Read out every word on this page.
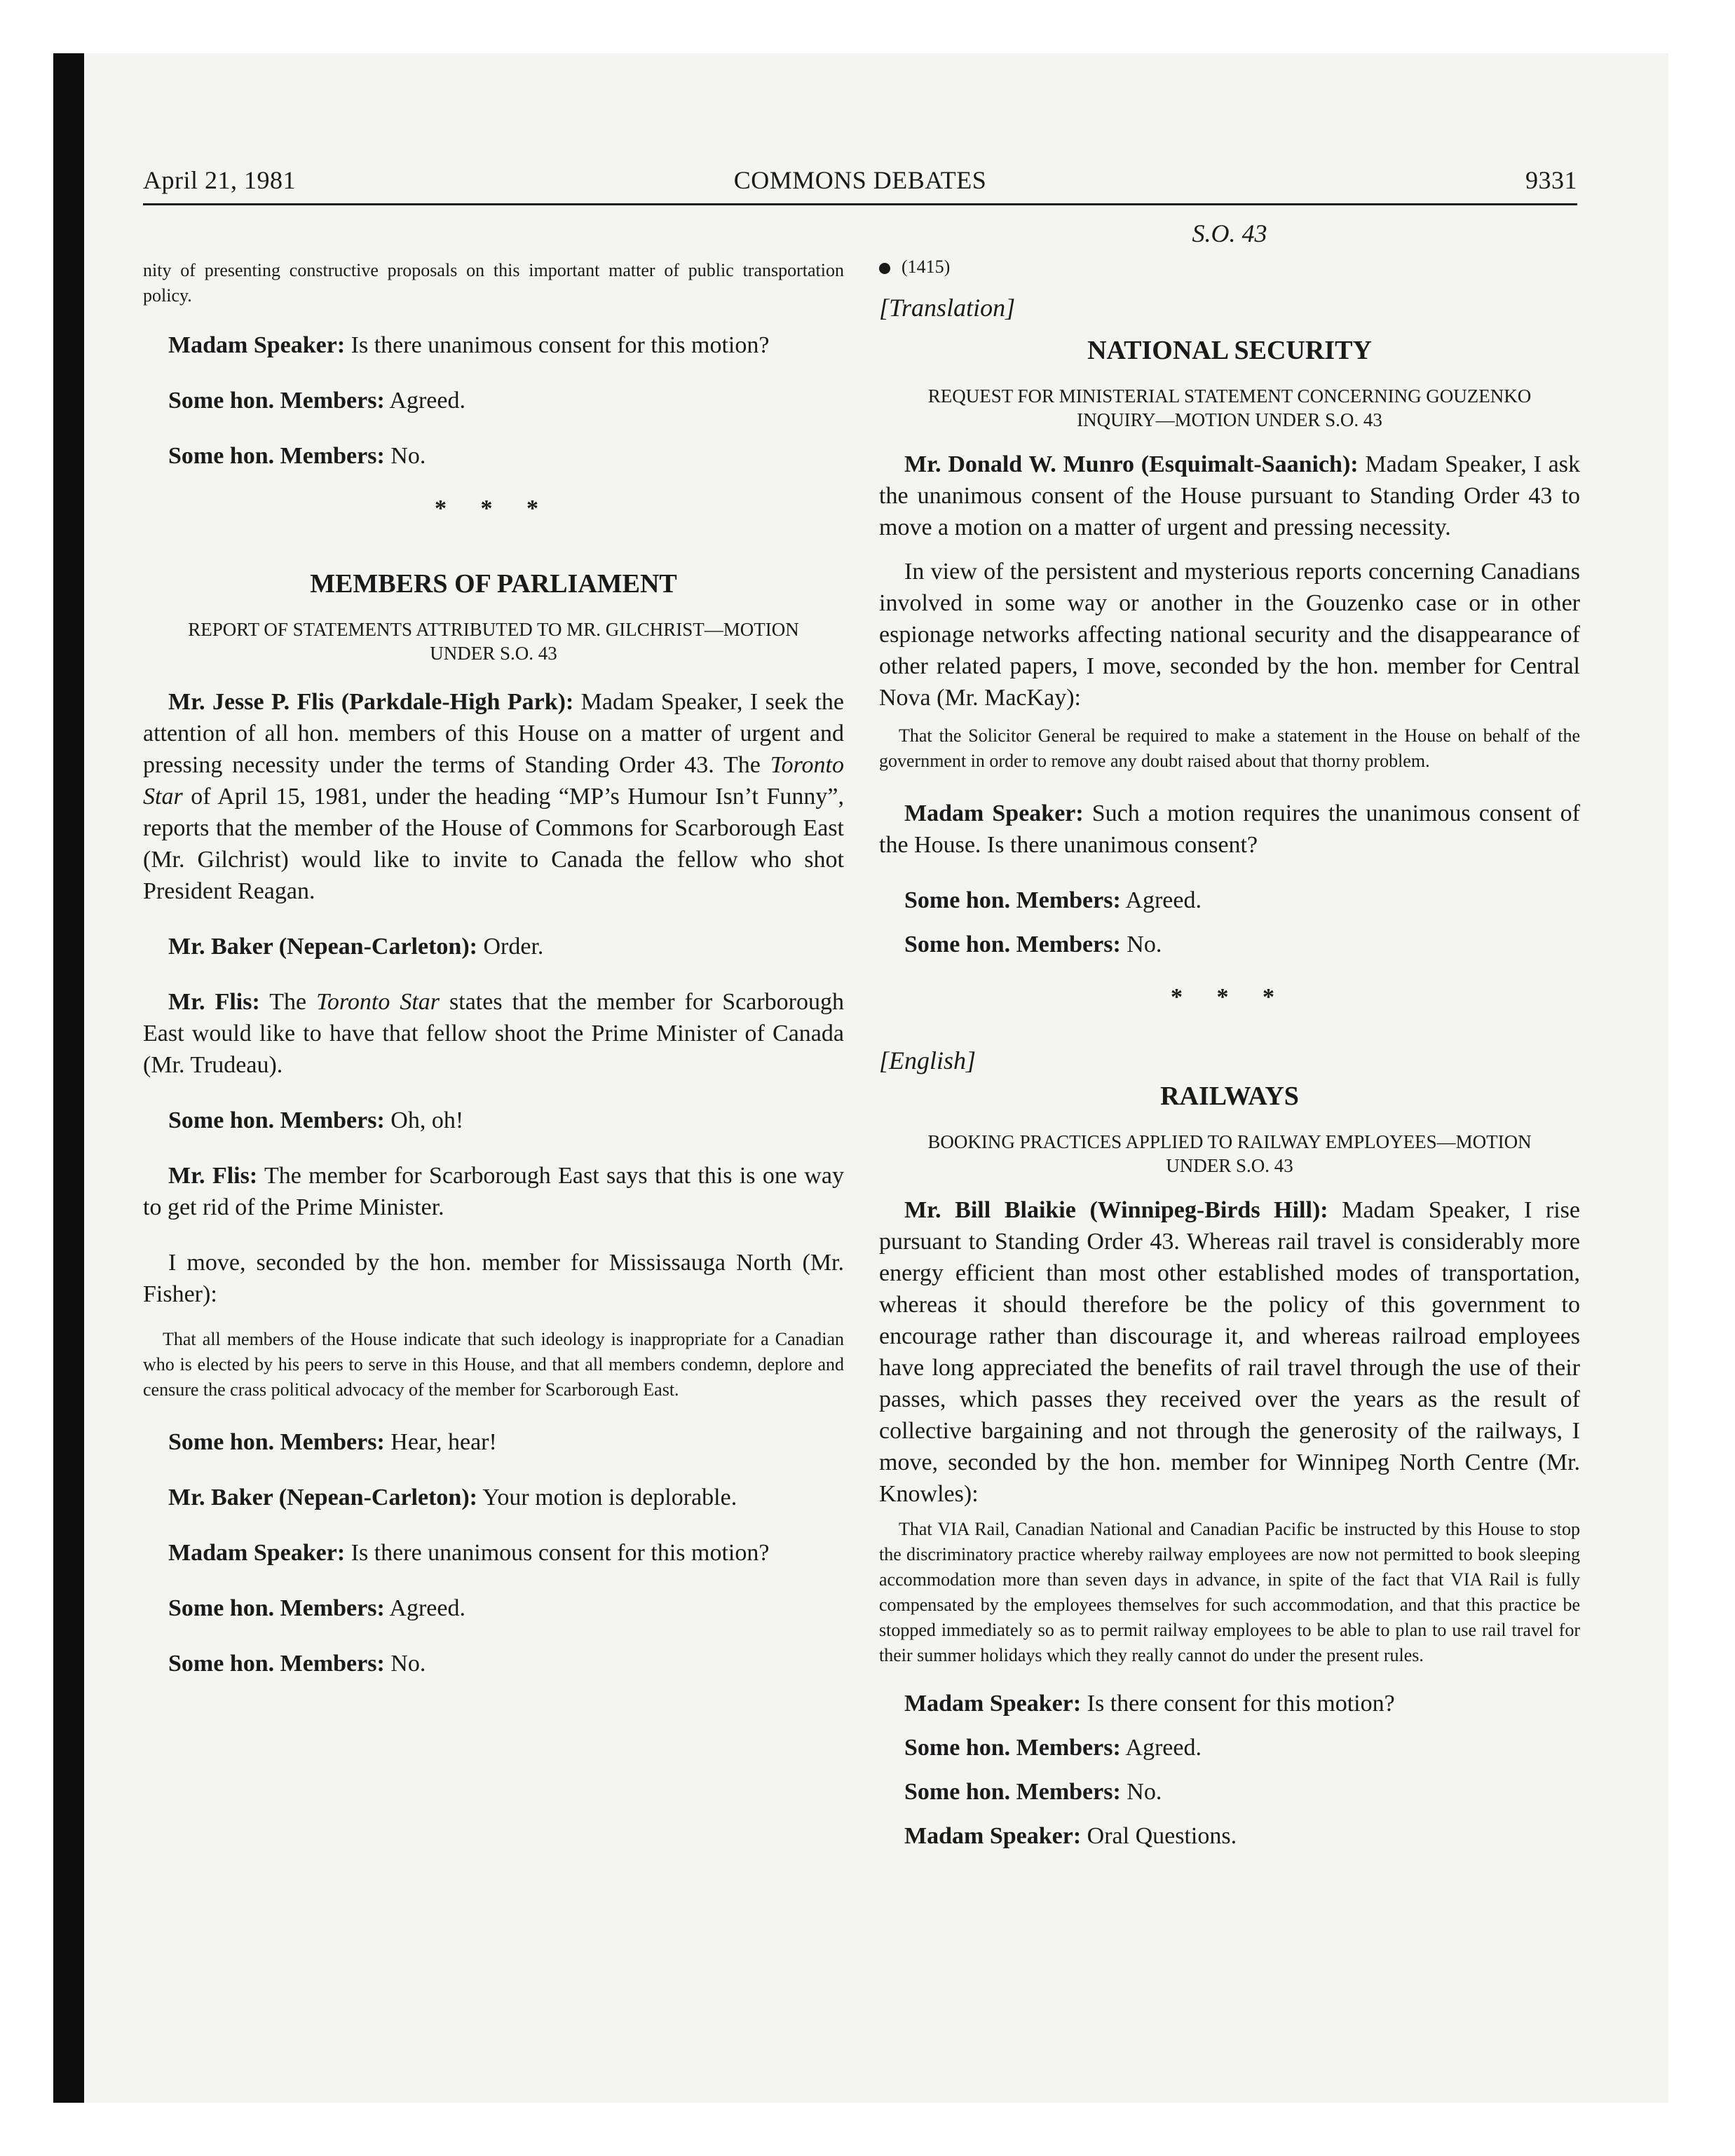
April 21, 1981	COMMONS DEBATES	9331

nity of presenting constructive proposals on this important matter of public transportation policy.

Madam Speaker: Is there unanimous consent for this motion?

Some hon. Members: Agreed.

Some hon. Members: No.

* * *

MEMBERS OF PARLIAMENT

REPORT OF STATEMENTS ATTRIBUTED TO MR. GILCHRIST—MOTION UNDER S.O. 43

Mr. Jesse P. Flis (Parkdale-High Park): Madam Speaker, I seek the attention of all hon. members of this House on a matter of urgent and pressing necessity under the terms of Standing Order 43. The Toronto Star of April 15, 1981, under the heading “MP’s Humour Isn’t Funny”, reports that the member of the House of Commons for Scarborough East (Mr. Gilchrist) would like to invite to Canada the fellow who shot President Reagan.

Mr. Baker (Nepean-Carleton): Order.

Mr. Flis: The Toronto Star states that the member for Scarborough East would like to have that fellow shoot the Prime Minister of Canada (Mr. Trudeau).

Some hon. Members: Oh, oh!

Mr. Flis: The member for Scarborough East says that this is one way to get rid of the Prime Minister.

I move, seconded by the hon. member for Mississauga North (Mr. Fisher):

That all members of the House indicate that such ideology is inappropriate for a Canadian who is elected by his peers to serve in this House, and that all members condemn, deplore and censure the crass political advocacy of the member for Scarborough East.

Some hon. Members: Hear, hear!

Mr. Baker (Nepean-Carleton): Your motion is deplorable.

Madam Speaker: Is there unanimous consent for this motion?

Some hon. Members: Agreed.

Some hon. Members: No.

S.O. 43

(1415)

[Translation]

NATIONAL SECURITY

REQUEST FOR MINISTERIAL STATEMENT CONCERNING GOUZENKO INQUIRY—MOTION UNDER S.O. 43

Mr. Donald W. Munro (Esquimalt-Saanich): Madam Speaker, I ask the unanimous consent of the House pursuant to Standing Order 43 to move a motion on a matter of urgent and pressing necessity.

In view of the persistent and mysterious reports concerning Canadians involved in some way or another in the Gouzenko case or in other espionage networks affecting national security and the disappearance of other related papers, I move, seconded by the hon. member for Central Nova (Mr. MacKay):

That the Solicitor General be required to make a statement in the House on behalf of the government in order to remove any doubt raised about that thorny problem.

Madam Speaker: Such a motion requires the unanimous consent of the House. Is there unanimous consent?

Some hon. Members: Agreed.

Some hon. Members: No.

* * *

[English]

RAILWAYS

BOOKING PRACTICES APPLIED TO RAILWAY EMPLOYEES—MOTION UNDER S.O. 43

Mr. Bill Blaikie (Winnipeg-Birds Hill): Madam Speaker, I rise pursuant to Standing Order 43. Whereas rail travel is considerably more energy efficient than most other established modes of transportation, whereas it should therefore be the policy of this government to encourage rather than discourage it, and whereas railroad employees have long appreciated the benefits of rail travel through the use of their passes, which passes they received over the years as the result of collective bargaining and not through the generosity of the railways, I move, seconded by the hon. member for Winnipeg North Centre (Mr. Knowles):

That VIA Rail, Canadian National and Canadian Pacific be instructed by this House to stop the discriminatory practice whereby railway employees are now not permitted to book sleeping accommodation more than seven days in advance, in spite of the fact that VIA Rail is fully compensated by the employees themselves for such accommodation, and that this practice be stopped immediately so as to permit railway employees to be able to plan to use rail travel for their summer holidays which they really cannot do under the present rules.

Madam Speaker: Is there consent for this motion?

Some hon. Members: Agreed.

Some hon. Members: No.

Madam Speaker: Oral Questions.
